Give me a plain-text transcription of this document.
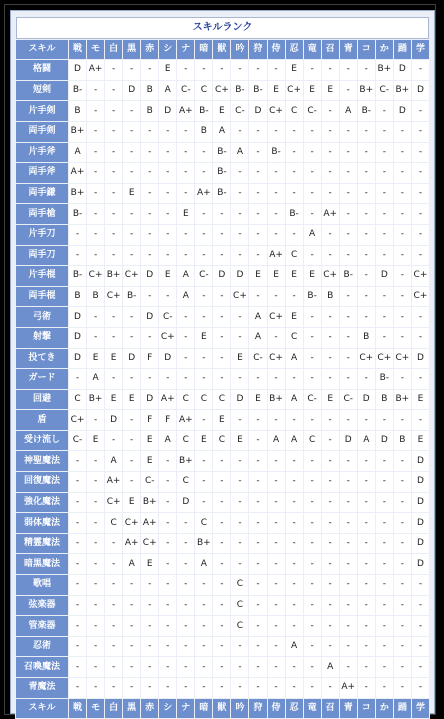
スキルランク																				
スキル	戦	モ	白	黒	赤	シ	ナ	暗	獣	吟	狩	侍	忍	竜	召	青	コ	か	踊	学
格闘	D	A+	-	-	-	E	-	-	-	-	-	-	E	-	-	-	-	B+	D	-
短剣	B-	-	-	D	B	A	C-	C	C+	B-	B-	E	C+	E	E	-	B+	C-	B+	D
片手剣	B	-	-	-	B	D	A+	B-	E	C-	D	C+	C	C-	-	A	B-	-	D	-
両手剣	B+	-	-	-	-	-	-	B	A	-	-	-	-	-	-	-	-	-	-	-
片手斧	A	-	-	-	-	-	-	-	B-	A	-	B-	-	-	-	-	-	-	-	-
両手斧	A+	-	-	-	-	-	-	-	B-	-	-	-	-	-	-	-	-	-	-	-
両手鎌	B+	-	-	E	-	-	-	A+	B-	-	-	-	-	-	-	-	-	-	-	-
両手槍	B-	-	-	-	-	-	E	-	-	-	-	-	B-	-	A+	-	-	-	-	-
片手刀	-	-	-	-	-	-	-	-	-	-	-	-	-	A	-	-	-	-	-	-
両手刀	-	-	-	-	-	-	-	-	-	-	-	A+	C	-	-	-	-	-	-	-
片手棍	B-	C+	B+	C+	D	E	A	C-	D	D	E	E	E	E	C+	B-	-	D	-	C+
両手棍	B	B	C+	B-	-	-	A	-	-	C+	-	-	-	B-	B	-	-	-	-	C+
弓術	D	-	-	-	D	C-	-	-	-	-	A	C+	E	-	-	-	-	-	-	-
射撃	D	-	-	-	-	C+	-	E	-	-	A	-	C	-	-	-	B	-	-	-
投てき	D	E	E	D	F	D	-	-	-	E	C-	C+	A	-	-	-	C+	C+	C+	D
ガード	-	A	-	-	-	-	-	-	-	-	-	-	-	-	-	-	-	B-	-	-
回避	C	B+	E	E	D	A+	C	C	C	D	E	B+	A	C-	E	C-	D	B	B+	E
盾	C+	-	D	-	F	F	A+	-	E	-	-	-	-	-	-	-	-	-	-	-
受け流し	C-	E	-	-	E	A	C	E	C	E	-	A	A	C	-	D	A	D	B	E
神聖魔法	-	-	A	-	E	-	B+	-	-	-	-	-	-	-	-	-	-	-	-	D
回復魔法	-	-	A+	-	C-	-	C	-	-	-	-	-	-	-	-	-	-	-	-	D
強化魔法	-	-	C+	E	B+	-	D	-	-	-	-	-	-	-	-	-	-	-	-	D
弱体魔法	-	-	C	C+	A+	-	-	C	-	-	-	-	-	-	-	-	-	-	-	D
精霊魔法	-	-	-	A+	C+	-	-	B+	-	-	-	-	-	-	-	-	-	-	-	D
暗黒魔法	-	-	-	A	E	-	-	A	-	-	-	-	-	-	-	-	-	-	-	D
歌唱	-	-	-	-	-	-	-	-	-	C	-	-	-	-	-	-	-	-	-	-
弦楽器	-	-	-	-	-	-	-	-	-	C	-	-	-	-	-	-	-	-	-	-
管楽器	-	-	-	-	-	-	-	-	-	C	-	-	-	-	-	-	-	-	-	-
忍術	-	-	-	-	-	-	-	-	-	-	-	-	A	-	-	-	-	-	-	-
召喚魔法	-	-	-	-	-	-	-	-	-	-	-	-	-	-	A	-	-	-	-	-
青魔法	-	-	-	-	-	-	-	-	-	-	-	-	-	-	-	A+	-	-	-	-
スキル	戦	モ	白	黒	赤	シ	ナ	暗	獣	吟	狩	侍	忍	竜	召	青	コ	か	踊	学
